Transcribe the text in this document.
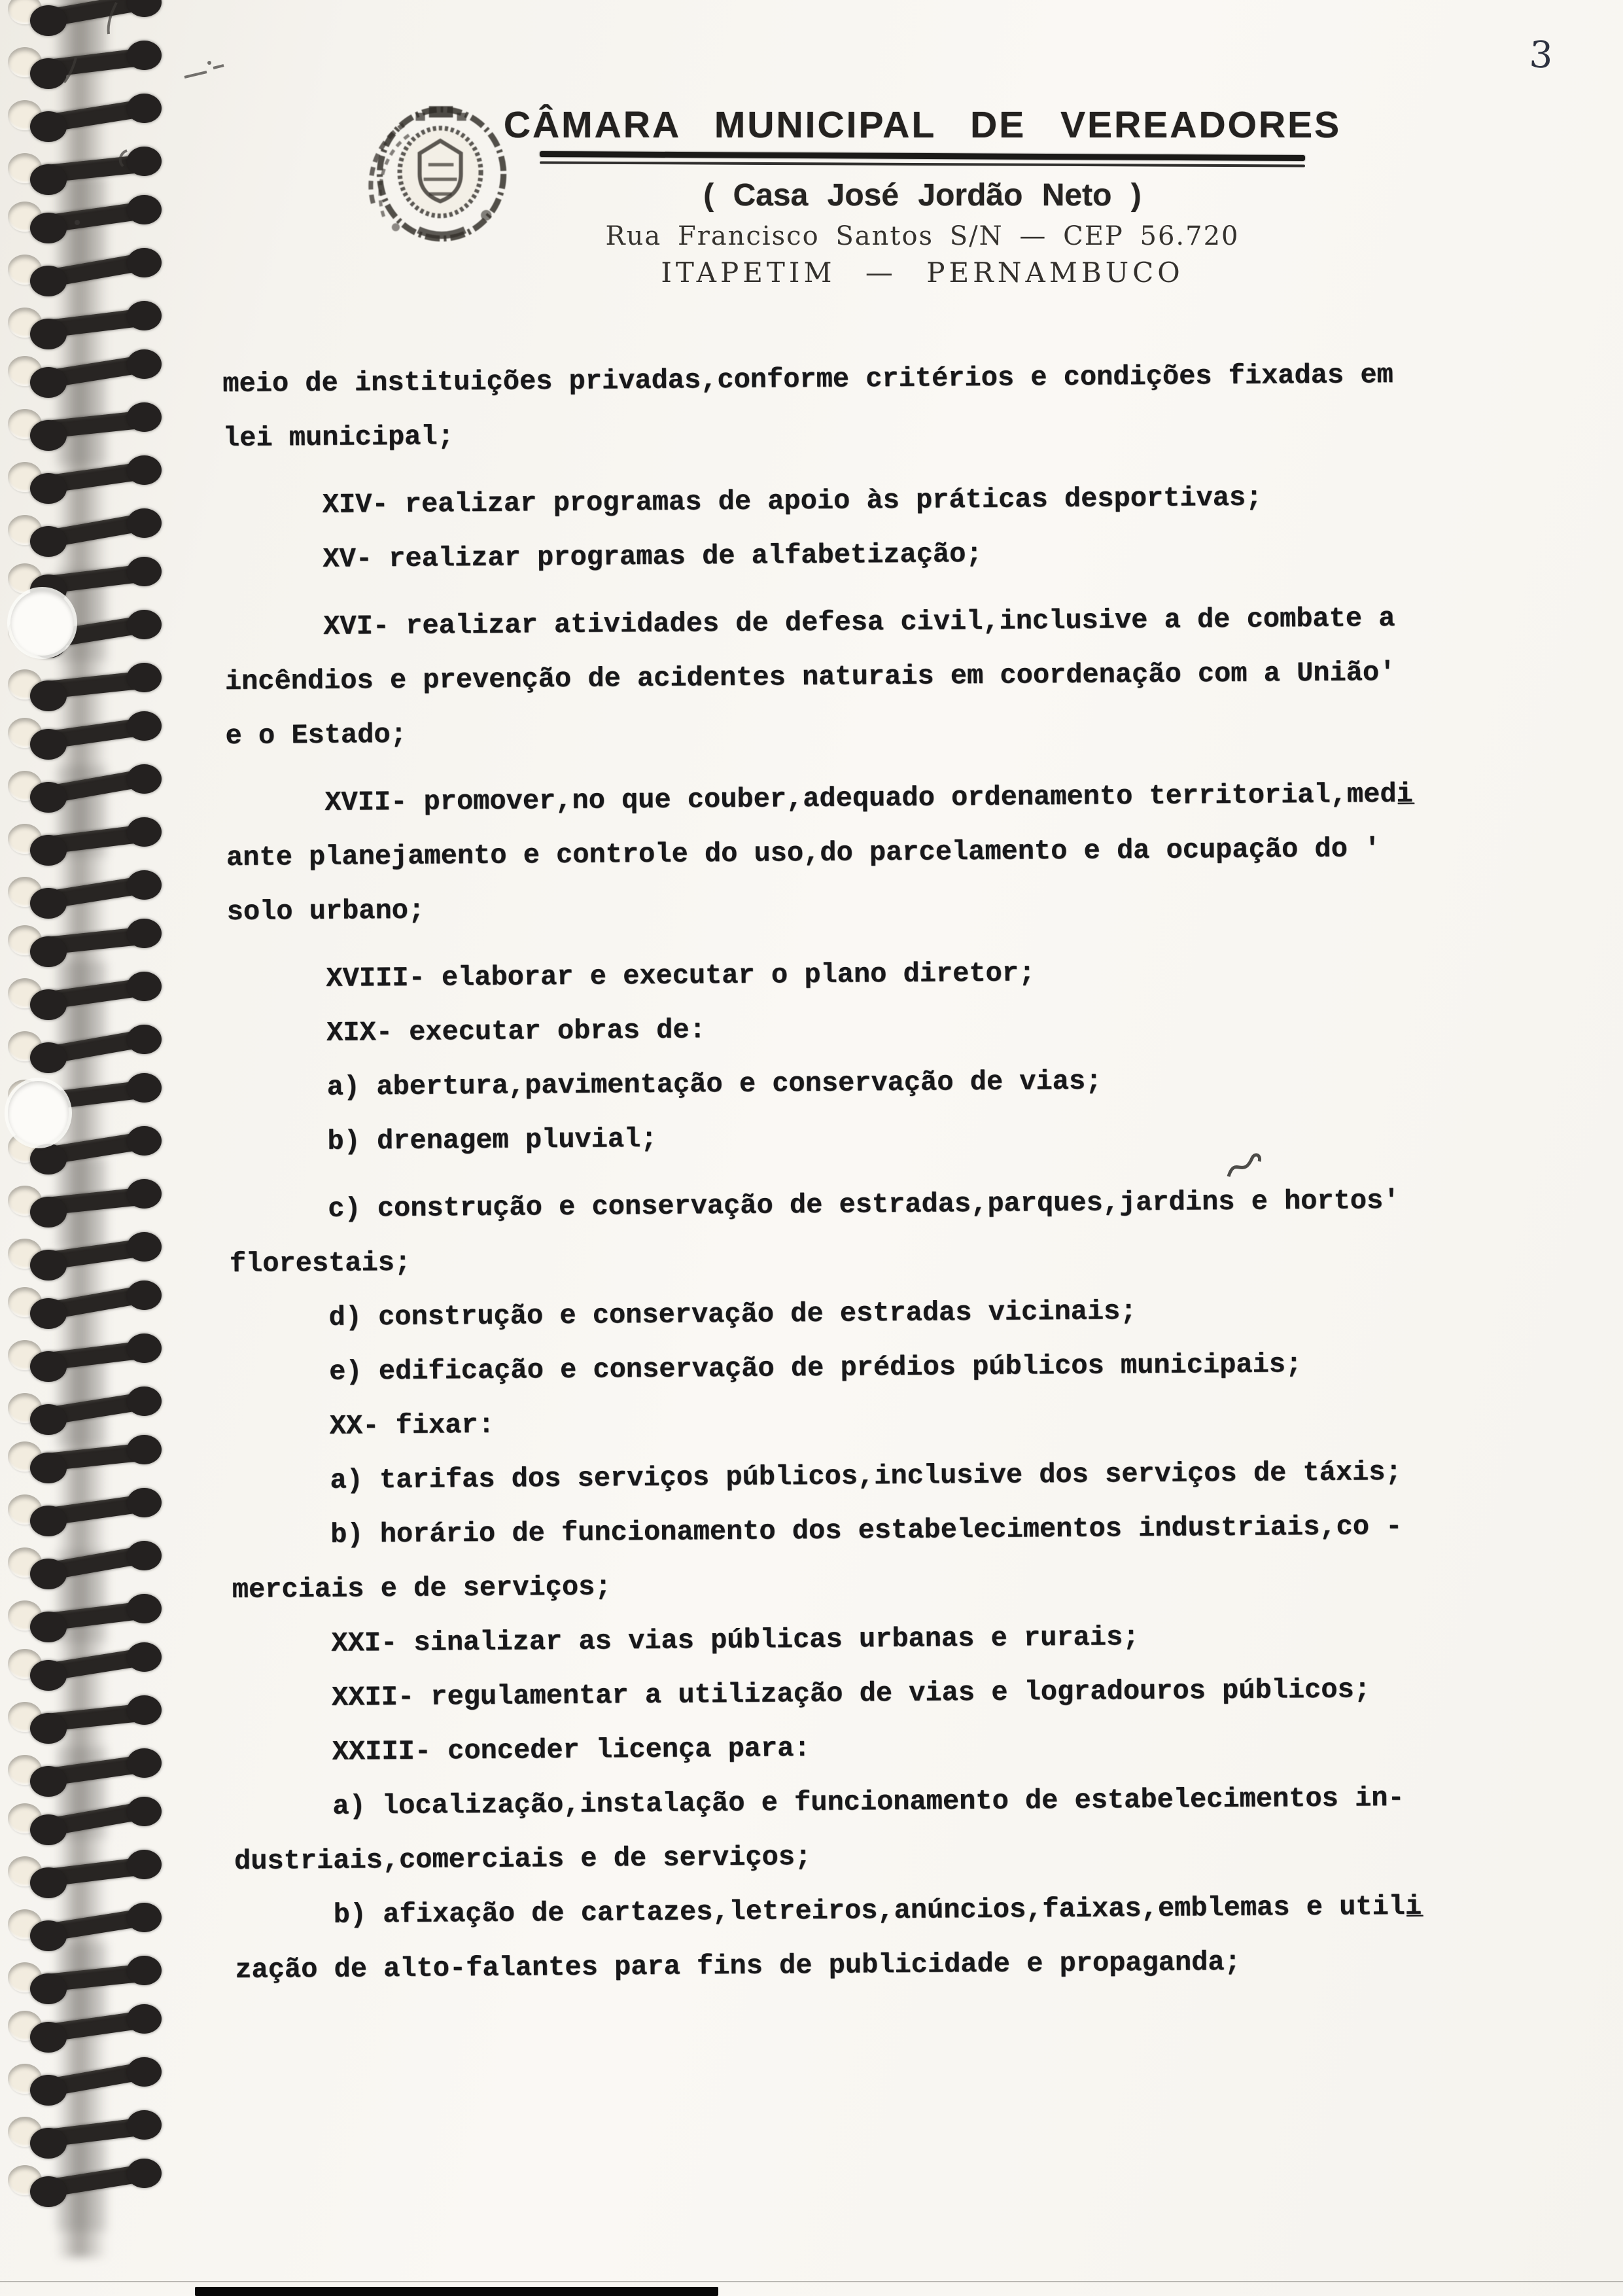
3
CÂMARA MUNICIPAL DE VEREADORES
( Casa José Jordão Neto )
Rua Francisco Santos S/N — CEP 56.720
ITAPETIM — PERNAMBUCO
meio de instituições privadas,conforme critérios e condições fixadas em
lei municipal;
XIV- realizar programas de apoio às práticas desportivas;
XV- realizar programas de alfabetização;
XVI- realizar atividades de defesa civil,inclusive a de combate a
incêndios e prevenção de acidentes naturais em coordenação com a União'
e o Estado;
XVII- promover,no que couber,adequado ordenamento territorial,medi̲
ante planejamento e controle do uso,do parcelamento e da ocupação do '
solo urbano;
XVIII- elaborar e executar o plano diretor;
XIX- executar obras de:
a) abertura,pavimentação e conservação de vias;
b) drenagem pluvial;
c) construção e conservação de estradas,parques,jardins e hortos'
florestais;
d) construção e conservação de estradas vicinais;
e) edificação e conservação de prédios públicos municipais;
XX- fixar:
a) tarifas dos serviços públicos,inclusive dos serviços de táxis;
b) horário de funcionamento dos estabelecimentos industriais,co -
merciais e de serviços;
XXI- sinalizar as vias públicas urbanas e rurais;
XXII- regulamentar a utilização de vias e logradouros públicos;
XXIII- conceder licença para:
a) localização,instalação e funcionamento de estabelecimentos in-
dustriais,comerciais e de serviços;
b) afixação de cartazes,letreiros,anúncios,faixas,emblemas e utili̲
zação de alto-falantes para fins de publicidade e propaganda;
